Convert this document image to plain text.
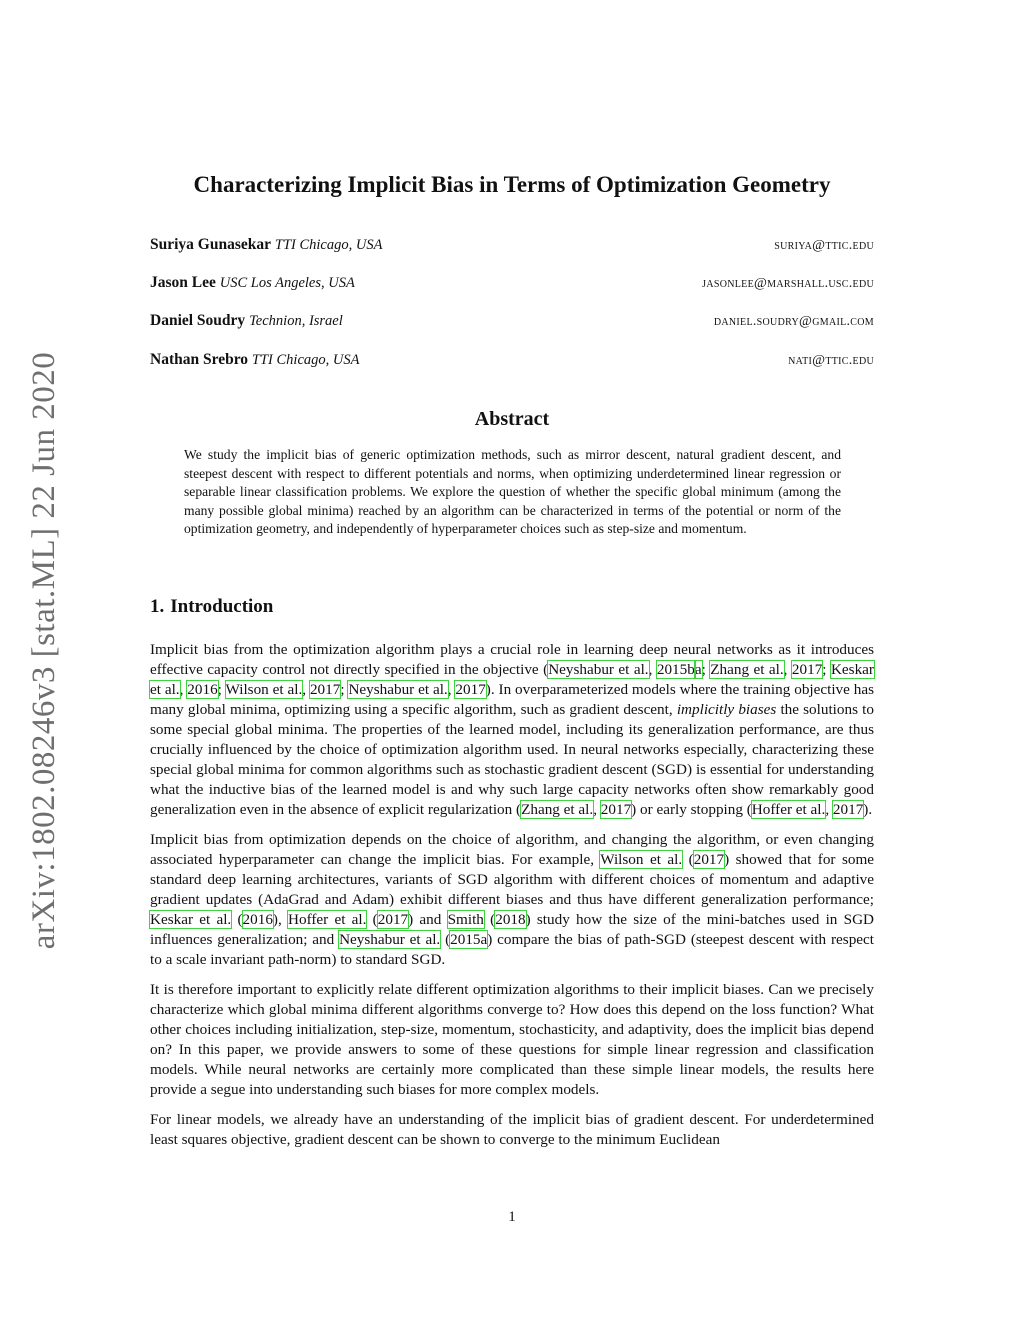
arXiv:1802.08246v3 [stat.ML] 22 Jun 2020
Characterizing Implicit Bias in Terms of Optimization Geometry
Suriya Gunasekar TTI Chicago, USA	suriya@ttic.edu
Jason Lee USC Los Angeles, USA	jasonlee@marshall.usc.edu
Daniel Soudry Technion, Israel	daniel.soudry@gmail.com
Nathan Srebro TTI Chicago, USA	nati@ttic.edu
Abstract

We study the implicit bias of generic optimization methods, such as mirror descent, natural gradient descent, and steepest descent with respect to different potentials and norms, when optimizing underdetermined linear regression or separable linear classification problems. We explore the question of whether the specific global minimum (among the many possible global minima) reached by an algorithm can be characterized in terms of the potential or norm of the optimization geometry, and independently of hyperparameter choices such as step-size and momentum.

1. Introduction

Implicit bias from the optimization algorithm plays a crucial role in learning deep neural networks as it introduces effective capacity control not directly specified in the objective (Neyshabur et al., 2015ba; Zhang et al., 2017; Keskar et al., 2016; Wilson et al., 2017; Neyshabur et al., 2017). In overparameterized models where the training objective has many global minima, optimizing using a specific algorithm, such as gradient descent, implicitly biases the solutions to some special global minima. The properties of the learned model, including its generalization performance, are thus crucially influenced by the choice of optimization algorithm used. In neural networks especially, characterizing these special global minima for common algorithms such as stochastic gradient descent (SGD) is essential for understanding what the inductive bias of the learned model is and why such large capacity networks often show remarkably good generalization even in the absence of explicit regularization (Zhang et al., 2017) or early stopping (Hoffer et al., 2017).

Implicit bias from optimization depends on the choice of algorithm, and changing the algorithm, or even changing associated hyperparameter can change the implicit bias. For example, Wilson et al. (2017) showed that for some standard deep learning architectures, variants of SGD algorithm with different choices of momentum and adaptive gradient updates (AdaGrad and Adam) exhibit different biases and thus have different generalization performance; Keskar et al. (2016), Hoffer et al. (2017) and Smith (2018) study how the size of the mini-batches used in SGD influences generalization; and Neyshabur et al. (2015a) compare the bias of path-SGD (steepest descent with respect to a scale invariant path-norm) to standard SGD.

It is therefore important to explicitly relate different optimization algorithms to their implicit biases. Can we precisely characterize which global minima different algorithms converge to? How does this depend on the loss function? What other choices including initialization, step-size, momentum, stochasticity, and adaptivity, does the implicit bias depend on? In this paper, we provide answers to some of these questions for simple linear regression and classification models. While neural networks are certainly more complicated than these simple linear models, the results here provide a segue into understanding such biases for more complex models.

For linear models, we already have an understanding of the implicit bias of gradient descent. For underdetermined least squares objective, gradient descent can be shown to converge to the minimum Euclidean

1
